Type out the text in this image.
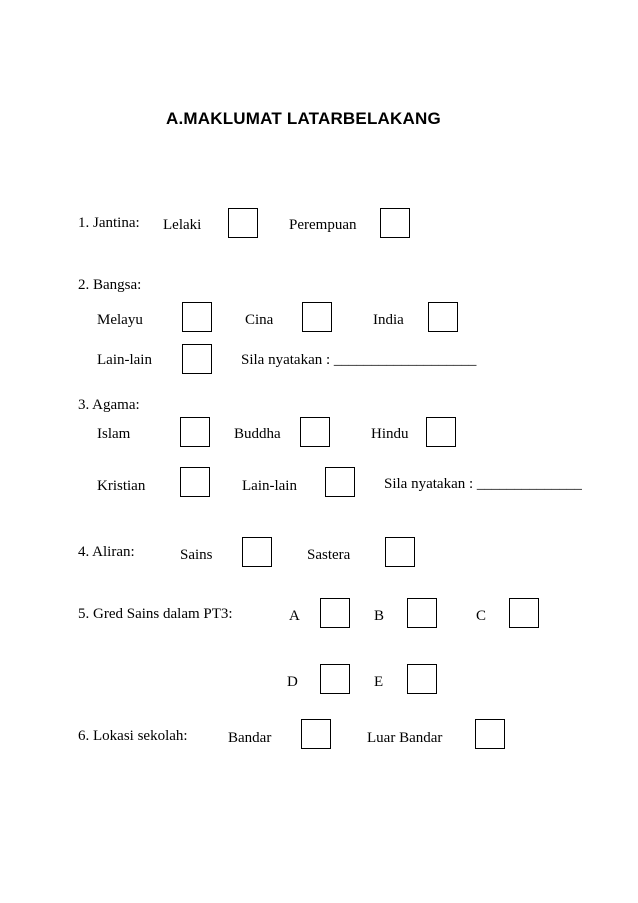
A.MAKLUMAT LATARBELAKANG
1. Jantina: Lelaki	Perempuan
2. Bangsa:
Melayu	Cina	India
Lain-lain	Sila nyatakan : ___________________
3. Agama:
Islam	Buddha	Hindu
Kristian	Lain-lain	Sila nyatakan : ______________
4. Aliran:	Sains	Sastera
5. Gred Sains dalam PT3:	A	B	C
D	E
6. Lokasi sekolah:	Bandar	Luar Bandar
